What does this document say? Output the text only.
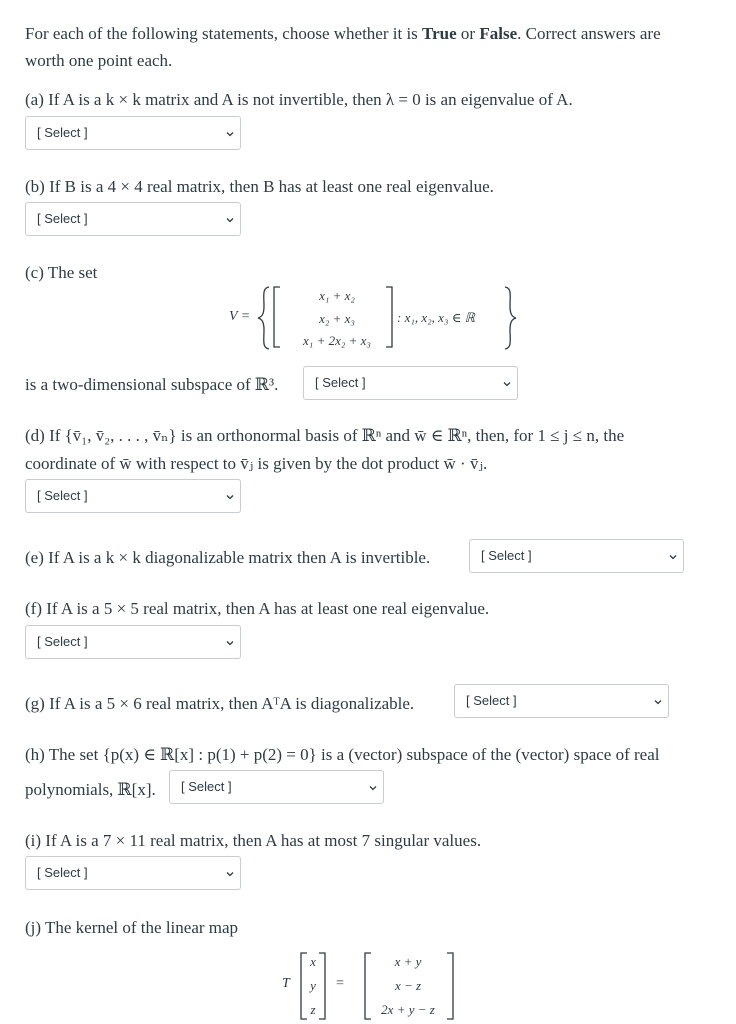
For each of the following statements, choose whether it is True or False. Correct answers are
worth one point each.
(a) If A is a k × k matrix and A is not invertible, then λ = 0 is an eigenvalue of A.
[ Select ]
(b) If B is a 4 × 4 real matrix, then B has at least one real eigenvalue.
[ Select ]
(c) The set
V =
x₁ + x₂
x₂ + x₃
x₁ + 2x₂ + x₃
: x₁, x₂, x₃ ∈ ℝ
is a two-dimensional subspace of ℝ³.	[ Select ]
(d) If {v̄₁, v̄₂, . . . , v̄ₙ} is an orthonormal basis of ℝⁿ and w̄ ∈ ℝⁿ, then, for 1 ≤ j ≤ n, the
coordinate of w̄ with respect to v̄ⱼ is given by the dot product w̄ · v̄ⱼ.
[ Select ]
(e) If A is a k × k diagonalizable matrix then A is invertible.	[ Select ]
(f) If A is a 5 × 5 real matrix, then A has at least one real eigenvalue.
[ Select ]
(g) If A is a 5 × 6 real matrix, then AᵀA is diagonalizable.	[ Select ]
(h) The set {p(x) ∈ ℝ[x] : p(1) + p(2) = 0} is a (vector) subspace of the (vector) space of real
polynomials, ℝ[x]. [ Select ]
(i) If A is a 7 × 11 real matrix, then A has at most 7 singular values.
[ Select ]
(j) The kernel of the linear map
T
x
y
z
=
x + y
x − z
2x + y − z
